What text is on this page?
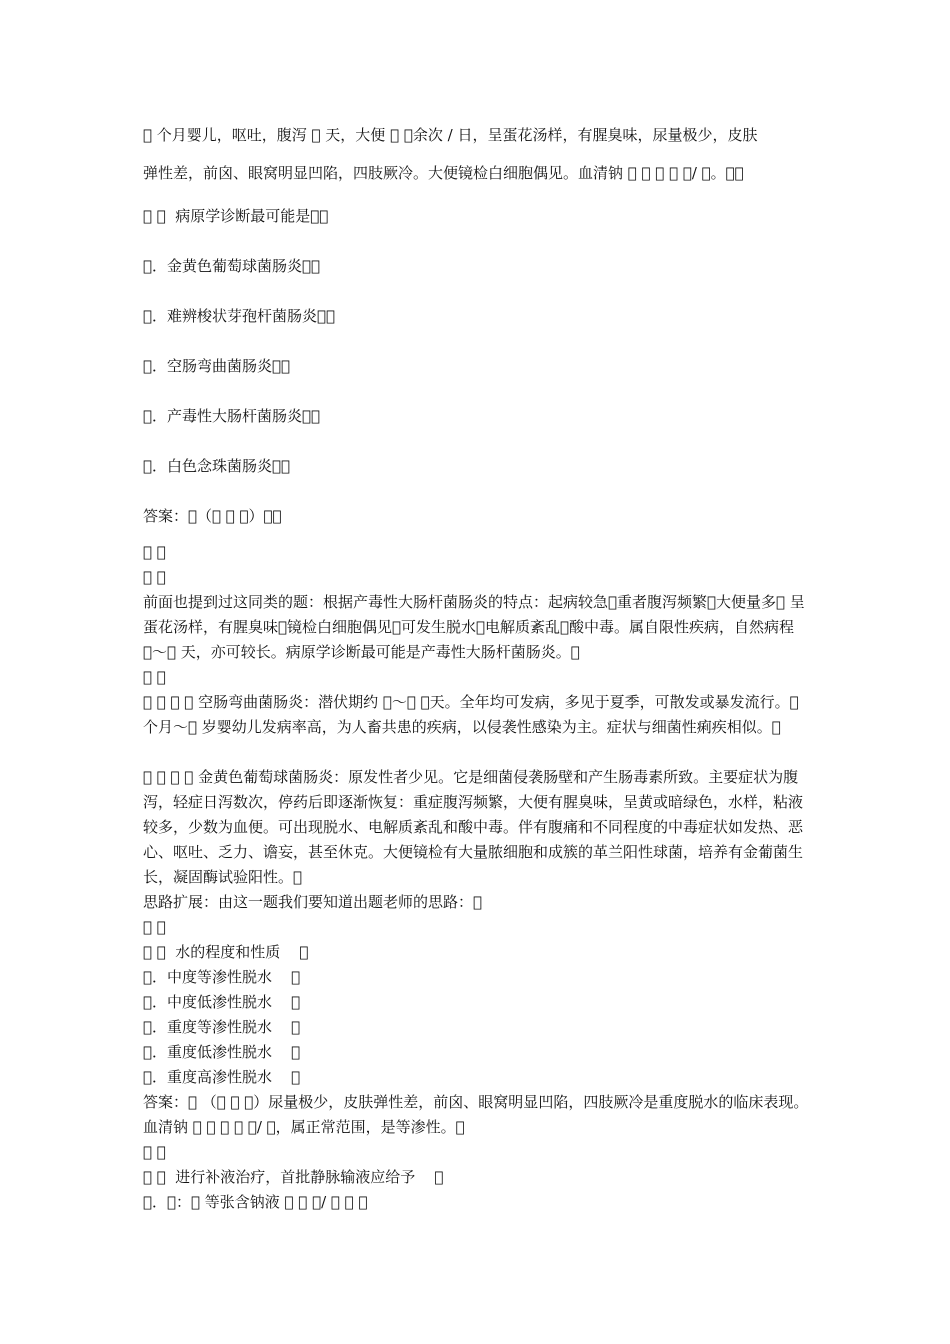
  个月婴儿，呕吐，腹泻   天，大便    余次 / 日，呈蛋花汤样，有腥臭味，尿量极少，皮肤
弹性差，前囟、眼窝明显凹陷，四肢厥冷。大便镜检白细胞偶见。血清钠          /  。  
     病原学诊断最可能是  
 ．金黄色葡萄球菌肠炎  
 ．难辨梭状芽孢杆菌肠炎  
 ．空肠弯曲菌肠炎  
 ．产毒性大肠杆菌肠炎  
 ．白色念珠菌肠炎  
答案： （     ）  
   
   
前面也提到过这同类的题：根据产毒性大肠杆菌肠炎的特点：起病较急 重者腹泻频繁 大便量多  呈蛋花汤样，有腥臭味 镜检白细胞偶见 可发生脱水 电解质紊乱 酸中毒。属自限性疾病，自然病程  ～  天，亦可较长。病原学诊断最可能是产毒性大肠杆菌肠炎。 
   
        空肠弯曲菌肠炎：潜伏期约  ～   天。全年均可发病，多见于夏季，可散发或暴发流行。  个月～  岁婴幼儿发病率高，为人畜共患的疾病，以侵袭性感染为主。症状与细菌性痢疾相似。 
        金黄色葡萄球菌肠炎：原发性者少见。它是细菌侵袭肠壁和产生肠毒素所致。主要症状为腹泻，轻症日泻数次，停药后即逐渐恢复：重症腹泻频繁，大便有腥臭味，呈黄或暗绿色，水样，粘液较多，少数为血便。可出现脱水、电解质紊乱和酸中毒。伴有腹痛和不同程度的中毒症状如发热、恶心、呕吐、乏力、谵妄，甚至休克。大便镜检有大量脓细胞和成簇的革兰阳性球菌，培养有金葡菌生长，凝固酶试验阳性。 
思路扩展：由这一题我们要知道出题老师的思路： 
   
     水的程度和性质     
 ．中度等渗性脱水     
 ．中度低渗性脱水     
 ．重度等渗性脱水     
 ．重度低渗性脱水     
 ．重度高渗性脱水     
答案：  （     ）尿量极少，皮肤弹性差，前囟、眼窝明显凹陷，四肢厥冷是重度脱水的临床表现。血清钠          /  ，属正常范围，是等渗性。 
   
     进行补液治疗，首批静脉输液应给予     
 ． ：  等张含钠液      /      
